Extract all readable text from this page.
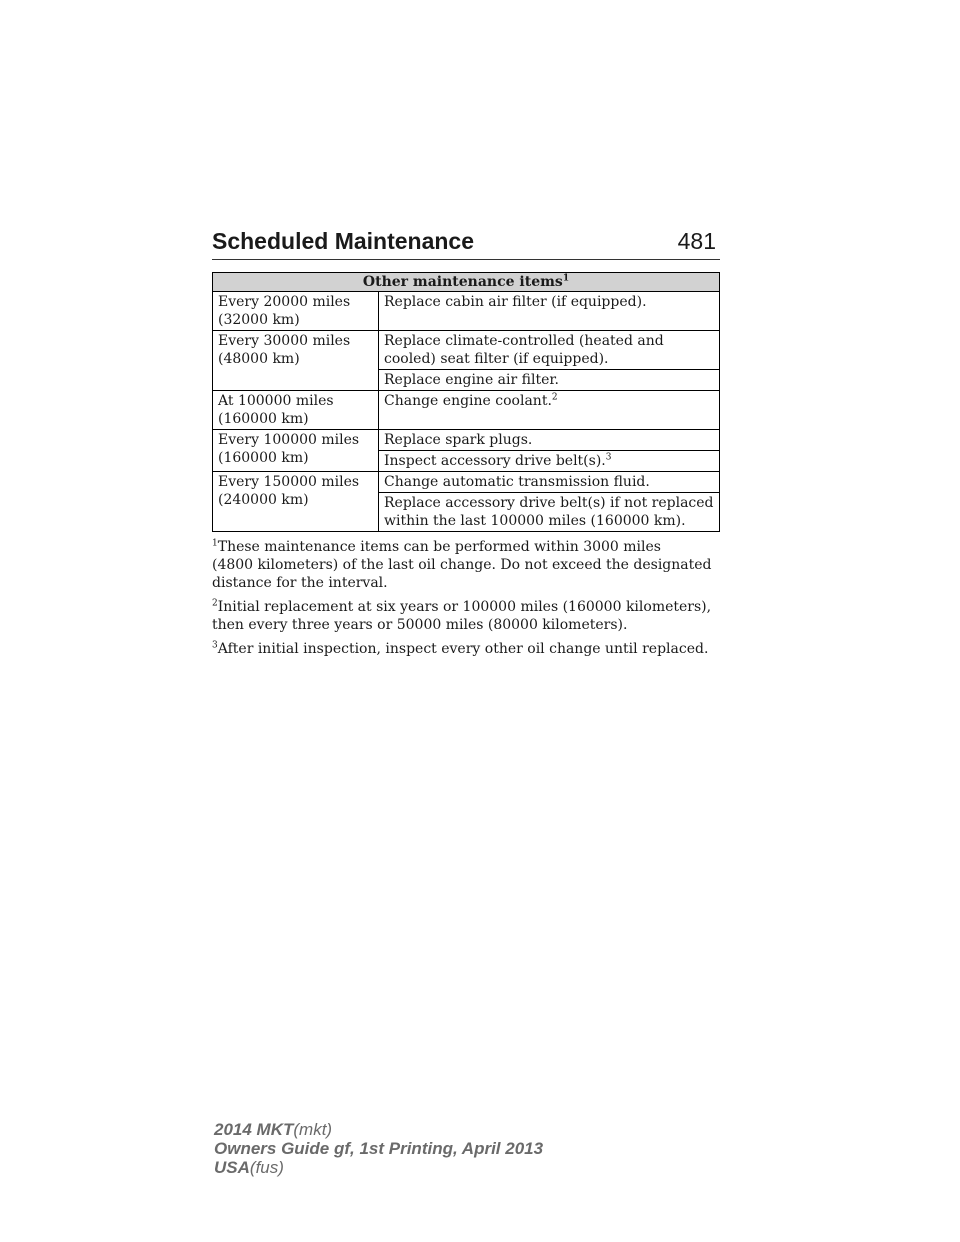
Scheduled Maintenance	481
Other maintenance items$^1$
Every 20000 miles
(32000 km)	Replace cabin air filter (if equipped).
Every 30000 miles
(48000 km)	Replace climate-controlled (heated and
cooled) seat filter (if equipped).
	Replace engine air filter.
At 100000 miles
(160000 km)	Change engine coolant.$^2$
Every 100000 miles
(160000 km)	Replace spark plugs.
	Inspect accessory drive belt(s).$^3$
Every 150000 miles
(240000 km)	Change automatic transmission fluid.
	Replace accessory drive belt(s) if not replaced
within the last 100000 miles (160000 km).

$^1$These maintenance items can be performed within 3000 miles
(4800 kilometers) of the last oil change. Do not exceed the designated
distance for the interval.

$^2$Initial replacement at six years or 100000 miles (160000 kilometers),
then every three years or 50000 miles (80000 kilometers).

$^3$After initial inspection, inspect every other oil change until replaced.

2014 MKT(mkt)
Owners Guide gf, 1st Printing, April 2013
USA(fus)
